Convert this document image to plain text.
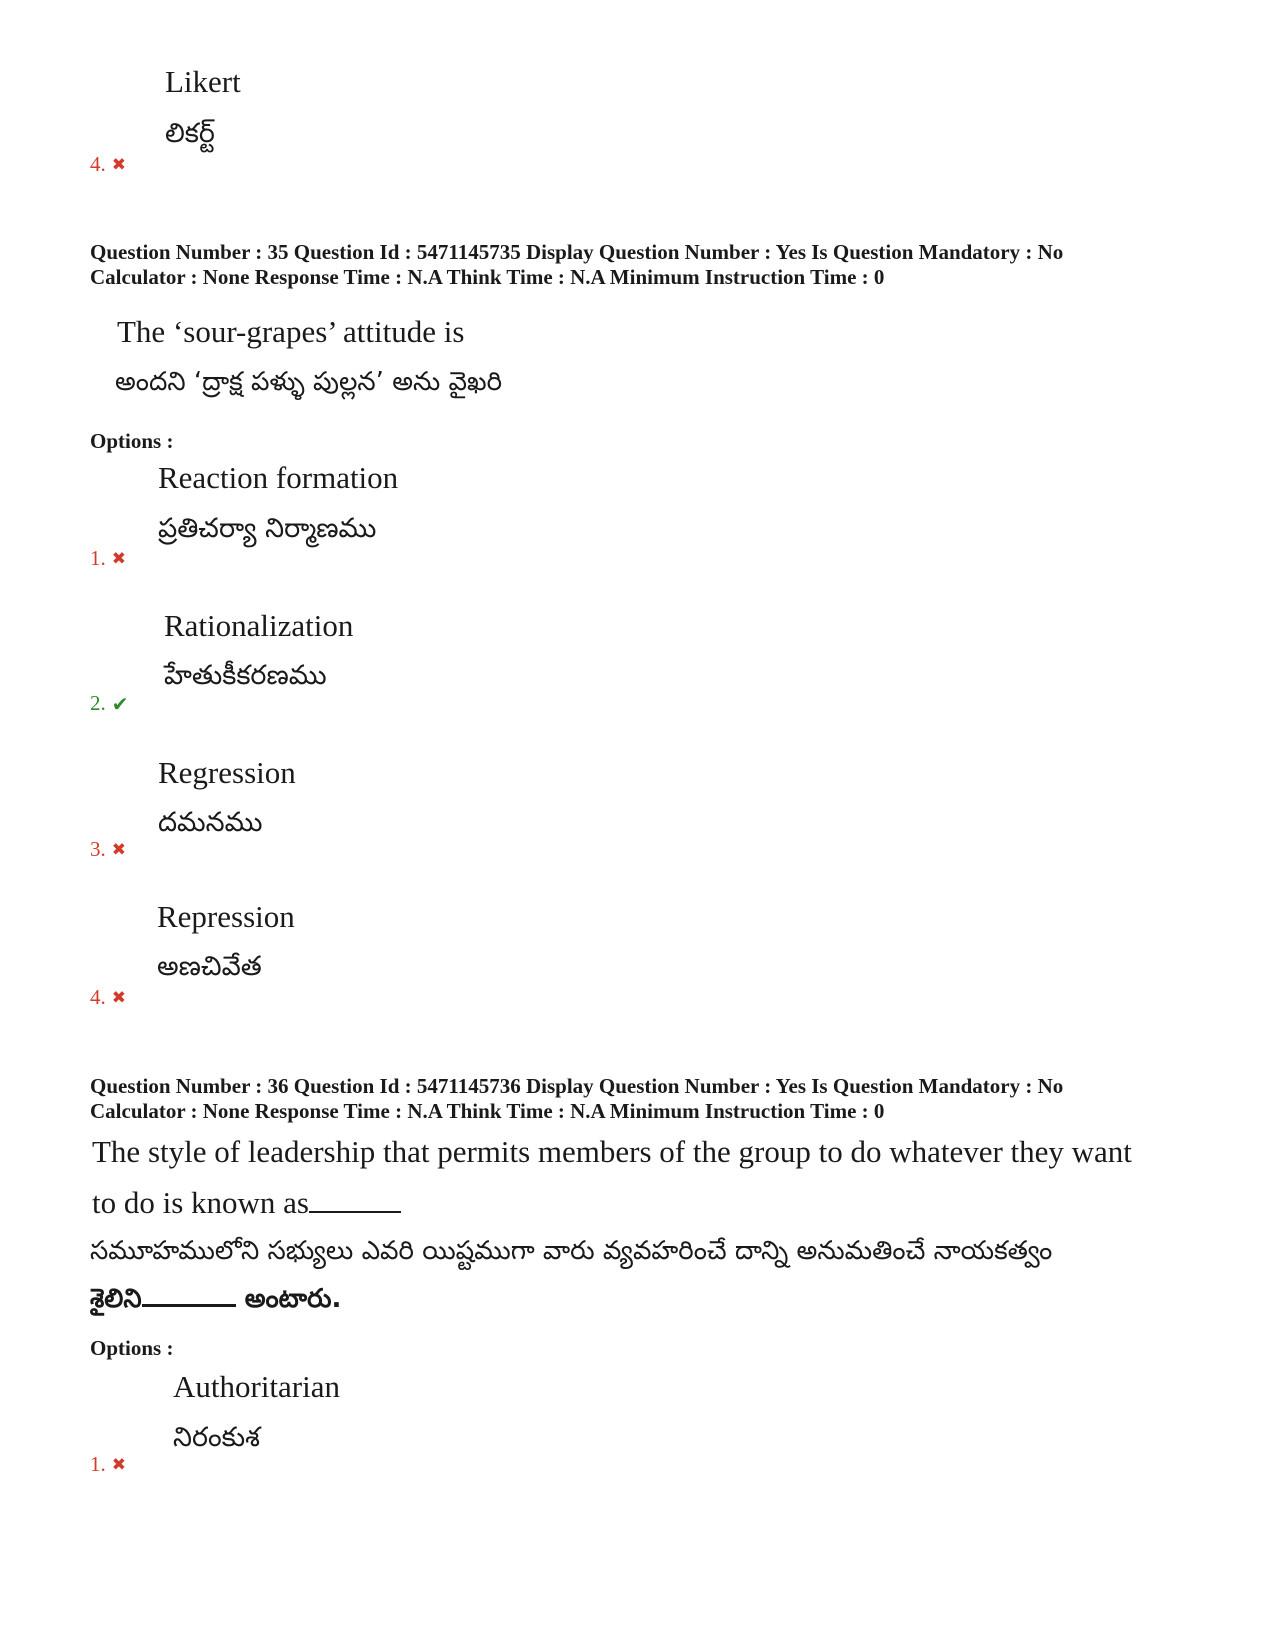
Likert
లికర్ట్
4. ✖
Question Number : 35 Question Id : 5471145735 Display Question Number : Yes Is Question Mandatory : No
Calculator : None Response Time : N.A Think Time : N.A Minimum Instruction Time : 0
The ‘sour-grapes’ attitude is
అందని ‘ద్రాక్ష పళ్ళు పుల్లన’ అను వైఖరి
Options :
Reaction formation
ప్రతిచర్యా నిర్మాణము
1. ✖
Rationalization
హేతుకీకరణము
2. ✔
Regression
దమనము
3. ✖
Repression
అణచివేత
4. ✖
Question Number : 36 Question Id : 5471145736 Display Question Number : Yes Is Question Mandatory : No
Calculator : None Response Time : N.A Think Time : N.A Minimum Instruction Time : 0
The style of leadership that permits members of the group to do whatever they want
to do is known as
సమూహములోని సభ్యులు ఎవరి యిష్టముగా వారు వ్యవహరించే దాన్ని అనుమతించే నాయకత్వం
శైలిని	అంటారు.
Options :
Authoritarian
నిరంకుశ
1. ✖
